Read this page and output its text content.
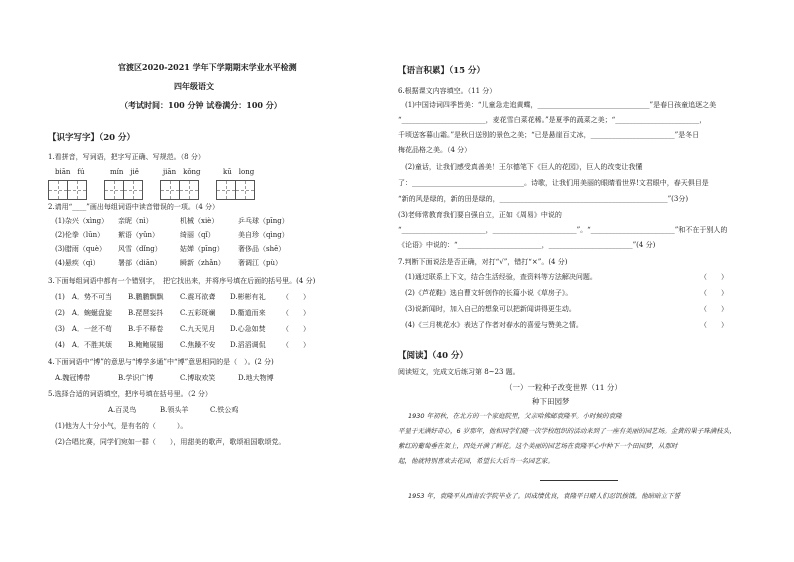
官渡区2020-2021 学年下学期期末学业水平检测
四年级语文
（考试时间：100 分钟 试卷满分：100 分）
【识字写字】（20 分）
1.看拼音，写词语，把字写正确、写规范。（8 分）
biān　fú	mín　jiě	jiān　kǒng	kū　long
2.请用“____”画出每组词语中读音错误的一项。（4 分）
(1)杂兴（xìng） 亲昵（nì）	机械（xiè）	乒乓球（pīng）
(2)伦拳（lūn） 絮语（yǔn）	绮丽（qǐ）	美自珍（qìng）
(3)腊雨（què） 风雪（dǐng）	姑婵（pīng） 奢侈品（shē）
(4)悬疾（qì）	署部（diān）	瞬新（zhǎn） 奢调江（pù）
3.下面每组词语中都有一个错别字，　把它找出来，并将序号填在后面的括号里。(4 分)
(1)　A．势不可当 B.鹏鹏飘飘 C.震耳欲聋 D.彬彬有礼 （　　）
(2)　A．蜿蜒盘旋 B.琵琶妄抖 C.五彩斑斓 D.衢道而来 （　　）
(3)　A．一丝不苟 B.手不释卷 C.九天见月 D.心急如焚 （　　）
(4)　A．不胜其烦 B.鲍鲍展翅 C.焦躁不安 D.滔滔调侃 （　　）
4.下面词语中“博”的意思与“博学多通”中“博”意思相同的是（　）。(2 分)
A.魏冠博带	B.学识广博	C.博取欢笑	D.地大物博
5.选择合适的词语填空，把序号填在括号里。（2 分）
A.百灵鸟	B.领头羊	C.铁公鸡
(1)他为人十分小气，是有名的（　　　）。
(2)合唱比赛，同学们宛如一群（　　），用甜美的歌声，歌颂祖国歌颂党。
【语言积累】（15 分）
6.根据课文内容填空。（11 分）
(1)中国诗词四季皆美：“儿童急走追黄蝶，________________________________”是春日孩童追逐之美
“________________________，麦花雪白菜花稀。”是夏季的蔬菜之美；“________________________，
千顷送客暮山霜。”是秋日送别的景色之美；“已是悬崖百丈冰，________________________”是冬日
梅花品格之美。（4 分）
(2)童话，让我们感受真善美！王尔德笔下《巨人的花园》，巨人的改变让我懂
了：________________________________。诗歌，让我们用美丽的眼睛看世界!文君眼中，春天俱目是
“新的风是绿的，新的田是绿的，________________________________________________”(3分)
(3)老师常教育我们要自强自立，正如《周易》中说的
“________________________，________________________”。“________________________”和不在于别人的
《论语》中说的：“________________________，________________________”(4 分)
7.判断下面说法是否正确，对打“√”，错打“×”。(4 分)
(1)通过联系上下文，结合生活经验，查资料等方法解决问题。	（　　）
(2)《芦花鞋》选自曹文轩创作的长篇小说《草房子》。	（　　）
(3)说新闻时，加入自己的想象可以把新闻讲得更生动。	（　　）
(4)《三月桃花水》表达了作者对春水的喜爱与赞美之情。	（　　）
【阅读】（40 分）
阅读短文，完成文后练习第 8~23 题。
（一）一粒种子改变世界（11 分）
种下田园梦
1930 年初秋，在北方的一个家庭院里，父亲哈佛邮袁隆平。小时候的袁隆
平显于无满好奇心，6 岁那年，他和同学们随一次学校组织的活动来到了一座有美丽的园艺场。金黄的果子珠满枝头，
紫红的葡萄垂在架上，四处开满了鲜花。这个美丽的园艺场在袁隆平心中种下一个田园梦，从那时
起，他就特别喜欢去花园，希望长大后当一名园艺家。
1953 年，袁隆平从西南农学院毕业了。因成绩优良，袁隆平日睹人们忍饥挨饿。他暗暗立下誓
